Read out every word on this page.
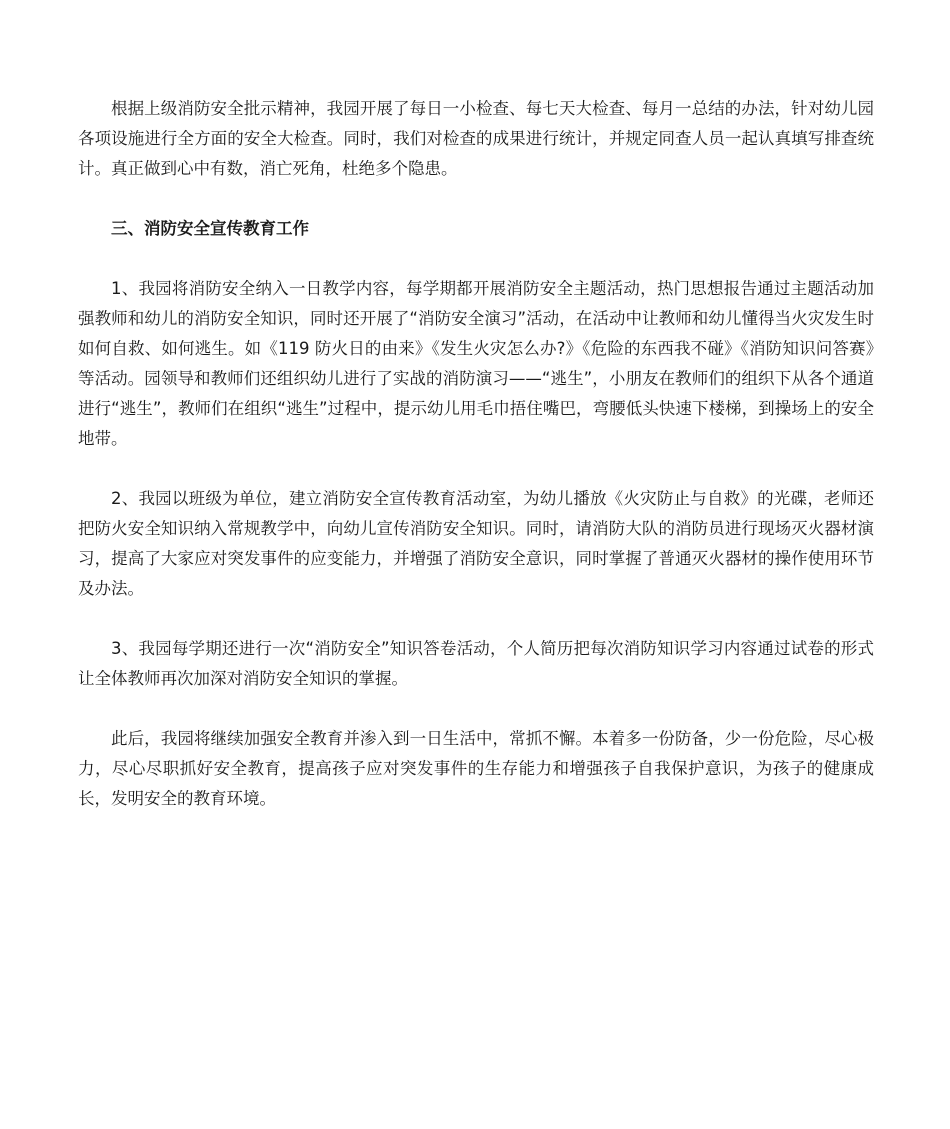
根据上级消防安全批示精神，我园开展了每日一小检查、每七天大检查、每月一总结的办法，针对幼儿园各项设施进行全方面的安全大检查。同时，我们对检查的成果进行统计，并规定同查人员一起认真填写排查统计。真正做到心中有数，消亡死角，杜绝多个隐患。

三、消防安全宣传教育工作

1、我园将消防安全纳入一日教学内容，每学期都开展消防安全主题活动，热门思想报告通过主题活动加强教师和幼儿的消防安全知识，同时还开展了“消防安全演习”活动，在活动中让教师和幼儿懂得当火灾发生时如何自救、如何逃生。如《119 防火日的由来》《发生火灾怎么办?》《危险的东西我不碰》《消防知识问答赛》等活动。园领导和教师们还组织幼儿进行了实战的消防演习——“逃生”，小朋友在教师们的组织下从各个通道进行“逃生”，教师们在组织“逃生”过程中，提示幼儿用毛巾捂住嘴巴，弯腰低头快速下楼梯，到操场上的安全地带。

2、我园以班级为单位，建立消防安全宣传教育活动室，为幼儿播放《火灾防止与自救》的光碟，老师还把防火安全知识纳入常规教学中，向幼儿宣传消防安全知识。同时，请消防大队的消防员进行现场灭火器材演习，提高了大家应对突发事件的应变能力，并增强了消防安全意识，同时掌握了普通灭火器材的操作使用环节及办法。

3、我园每学期还进行一次“消防安全”知识答卷活动，个人简历把每次消防知识学习内容通过试卷的形式让全体教师再次加深对消防安全知识的掌握。

此后，我园将继续加强安全教育并渗入到一日生活中，常抓不懈。本着多一份防备，少一份危险，尽心极力，尽心尽职抓好安全教育，提高孩子应对突发事件的生存能力和增强孩子自我保护意识，为孩子的健康成长，发明安全的教育环境。
